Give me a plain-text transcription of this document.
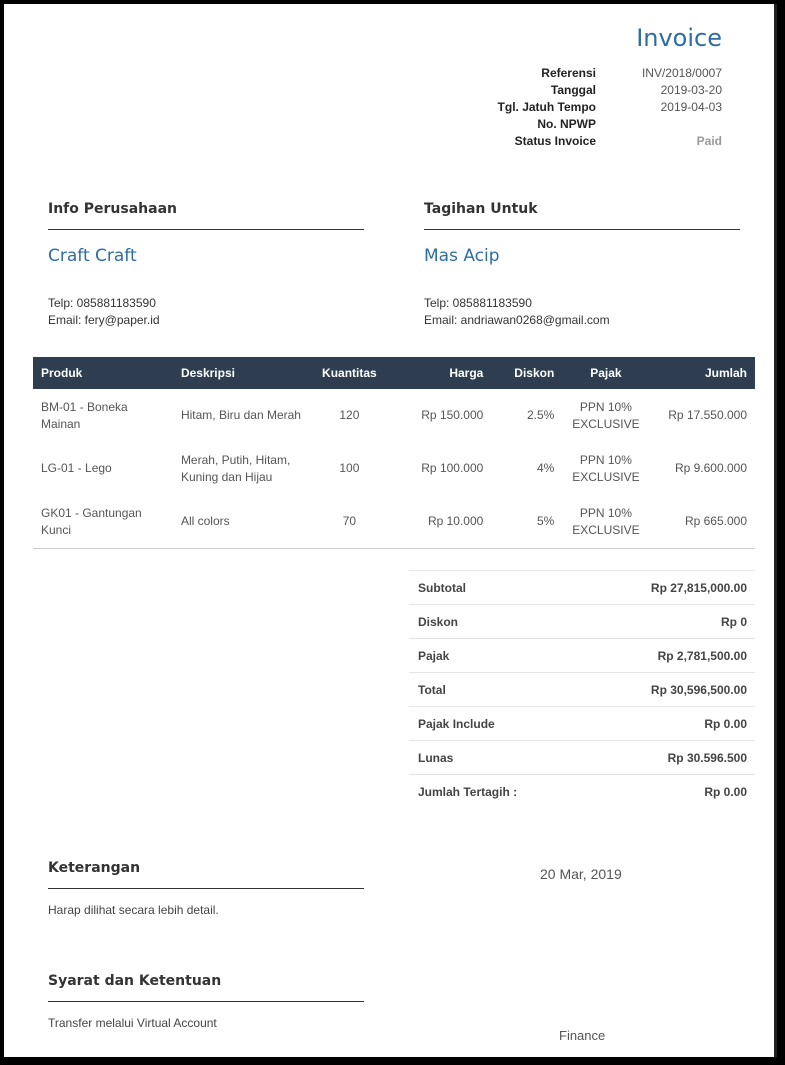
Invoice
Referensi	INV/2018/0007
Tanggal	2019-03-20
Tgl. Jatuh Tempo	2019-04-03
No. NPWP
Status Invoice	Paid
Info Perusahaan
Craft Craft
Telp: 085881183590
Email: fery@paper.id
Tagihan Untuk
Mas Acip
Telp: 085881183590
Email: andriawan0268@gmail.com
Produk	Deskripsi	Kuantitas	Harga	Diskon	Pajak	Jumlah
BM-01 - Boneka Mainan	Hitam, Biru dan Merah	120	Rp 150.000	2.5%	PPN 10% EXCLUSIVE	Rp 17.550.000
LG-01 - Lego	Merah, Putih, Hitam, Kuning dan Hijau	100	Rp 100.000	4%	PPN 10% EXCLUSIVE	Rp 9.600.000
GK01 - Gantungan Kunci	All colors	70	Rp 10.000	5%	PPN 10% EXCLUSIVE	Rp 665.000
Subtotal	Rp 27,815,000.00
Diskon	Rp 0
Pajak	Rp 2,781,500.00
Total	Rp 30,596,500.00
Pajak Include	Rp 0.00
Lunas	Rp 30.596.500
Jumlah Tertagih :	Rp 0.00
Keterangan
Harap dilihat secara lebih detail.
20 Mar, 2019
Syarat dan Ketentuan
Transfer melalui Virtual Account
Finance
